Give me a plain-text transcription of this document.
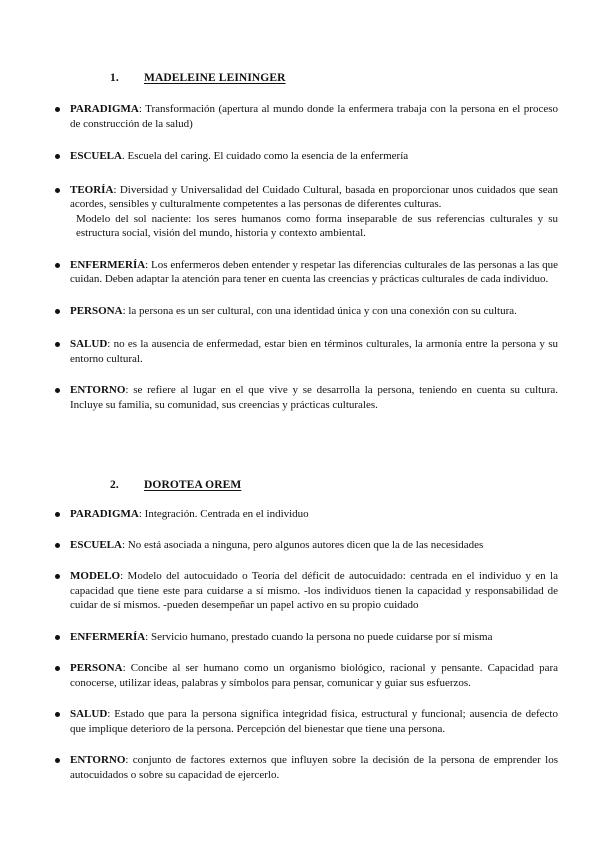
1. MADELEINE LEININGER
PARADIGMA: Transformación (apertura al mundo donde la enfermera trabaja con la persona en el proceso de construcción de la salud)
ESCUELA. Escuela del caring. El cuidado como la esencia de la enfermería
TEORÍA: Diversidad y Universalidad del Cuidado Cultural, basada en proporcionar unos cuidados que sean acordes, sensibles y culturalmente competentes a las personas de diferentes culturas.
Modelo del sol naciente: los seres humanos como forma inseparable de sus referencias culturales y su estructura social, visión del mundo, historia y contexto ambiental.
ENFERMERÍA: Los enfermeros deben entender y respetar las diferencias culturales de las personas a las que cuidan. Deben adaptar la atención para tener en cuenta las creencias y prácticas culturales de cada individuo.
PERSONA: la persona es un ser cultural, con una identidad única y con una conexión con su cultura.
SALUD: no es la ausencia de enfermedad, estar bien en términos culturales, la armonía entre la persona y su entorno cultural.
ENTORNO: se refiere al lugar en el que vive y se desarrolla la persona, teniendo en cuenta su cultura. Incluye su familia, su comunidad, sus creencias y prácticas culturales.
2. DOROTEA OREM
PARADIGMA: Integración. Centrada en el individuo
ESCUELA: No está asociada a ninguna, pero algunos autores dicen que la de las necesidades
MODELO: Modelo del autocuidado o Teoría del déficit de autocuidado: centrada en el individuo y en la capacidad que tiene este para cuidarse a sí mismo. -los individuos tienen la capacidad y responsabilidad de cuidar de sí mismos. -pueden desempeñar un papel activo en su propio cuidado
ENFERMERÍA: Servicio humano, prestado cuando la persona no puede cuidarse por sí misma
PERSONA: Concibe al ser humano como un organismo biológico, racional y pensante. Capacidad para conocerse, utilizar ideas, palabras y símbolos para pensar, comunicar y guiar sus esfuerzos.
SALUD: Estado que para la persona significa integridad física, estructural y funcional; ausencia de defecto que implique deterioro de la persona. Percepción del bienestar que tiene una persona.
ENTORNO: conjunto de factores externos que influyen sobre la decisión de la persona de emprender los autocuidados o sobre su capacidad de ejercerlo.
